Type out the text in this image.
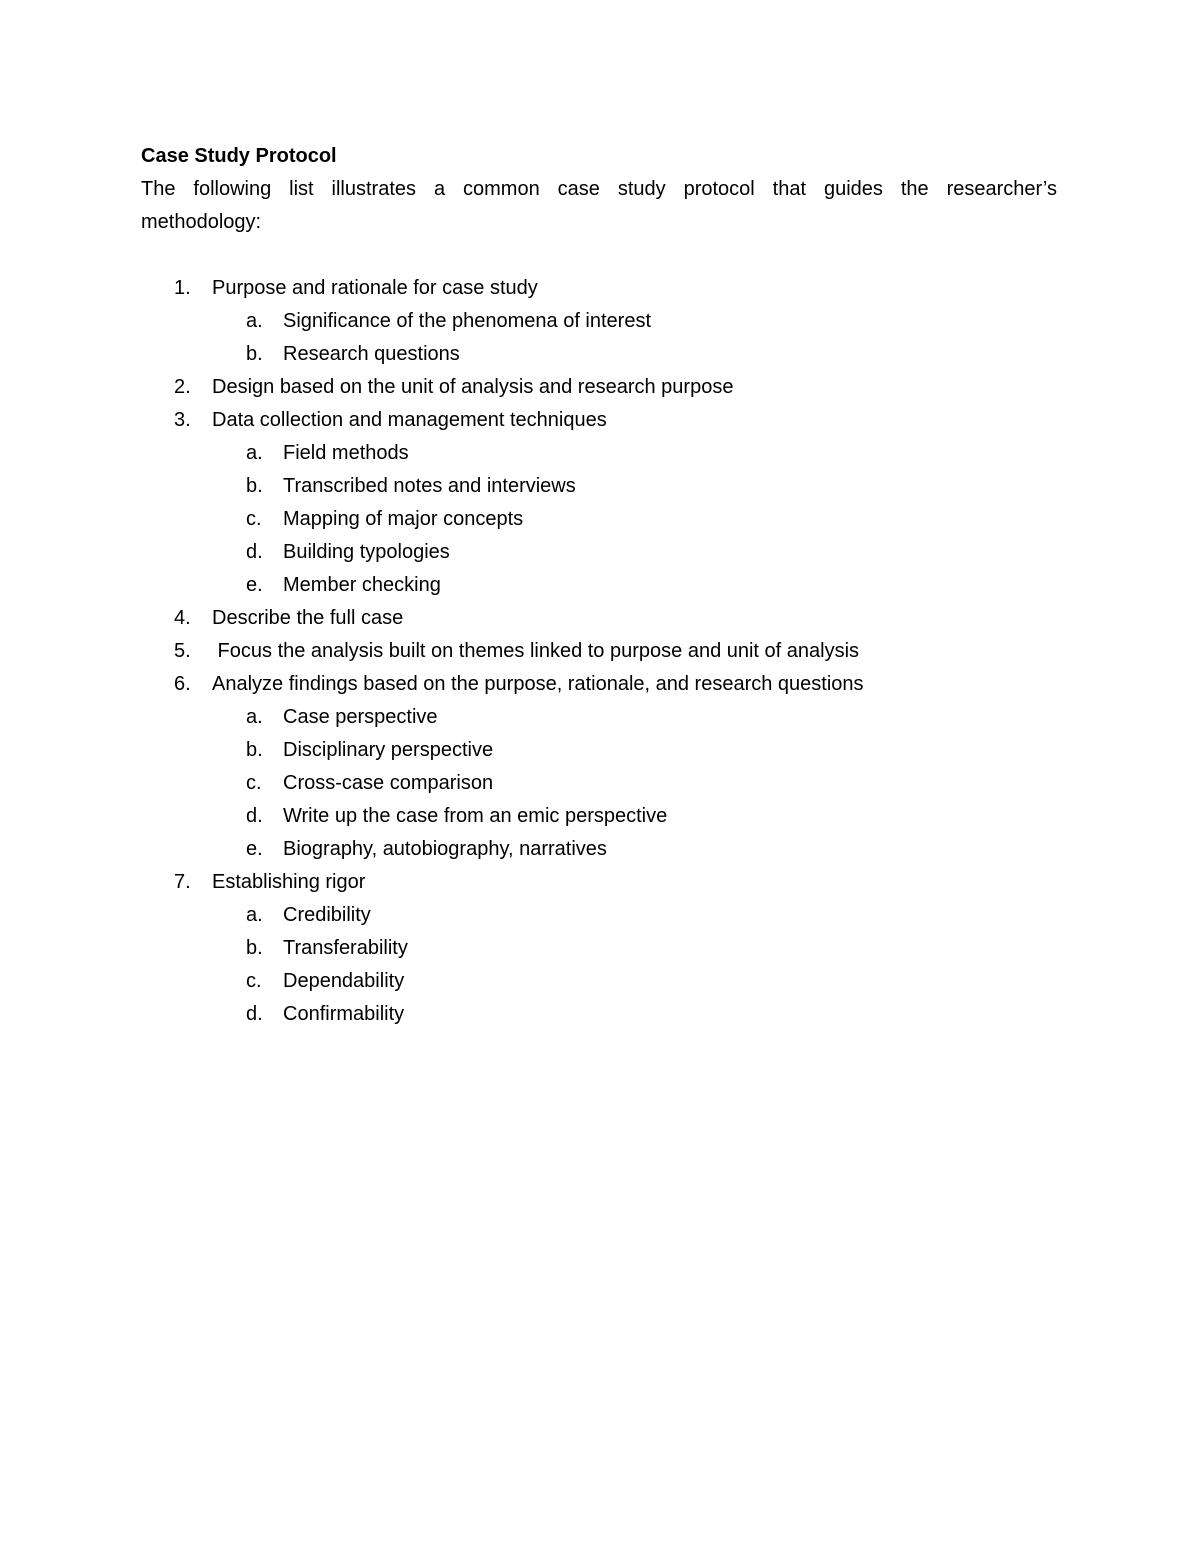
Case Study Protocol

The following list illustrates a common case study protocol that guides the researcher’s
methodology:

1.	Purpose and rationale for case study
a.	Significance of the phenomena of interest
b.	Research questions
2.	Design based on the unit of analysis and research purpose
3.	Data collection and management techniques
a.	Field methods
b.	Transcribed notes and interviews
c.	Mapping of major concepts
d.	Building typologies
e.	Member checking
4.	Describe the full case
5.	Focus the analysis built on themes linked to purpose and unit of analysis
6.	Analyze findings based on the purpose, rationale, and research questions
a.	Case perspective
b.	Disciplinary perspective
c.	Cross-case comparison
d.	Write up the case from an emic perspective
e.	Biography, autobiography, narratives
7.	Establishing rigor
a.	Credibility
b.	Transferability
c.	Dependability
d.	Confirmability
